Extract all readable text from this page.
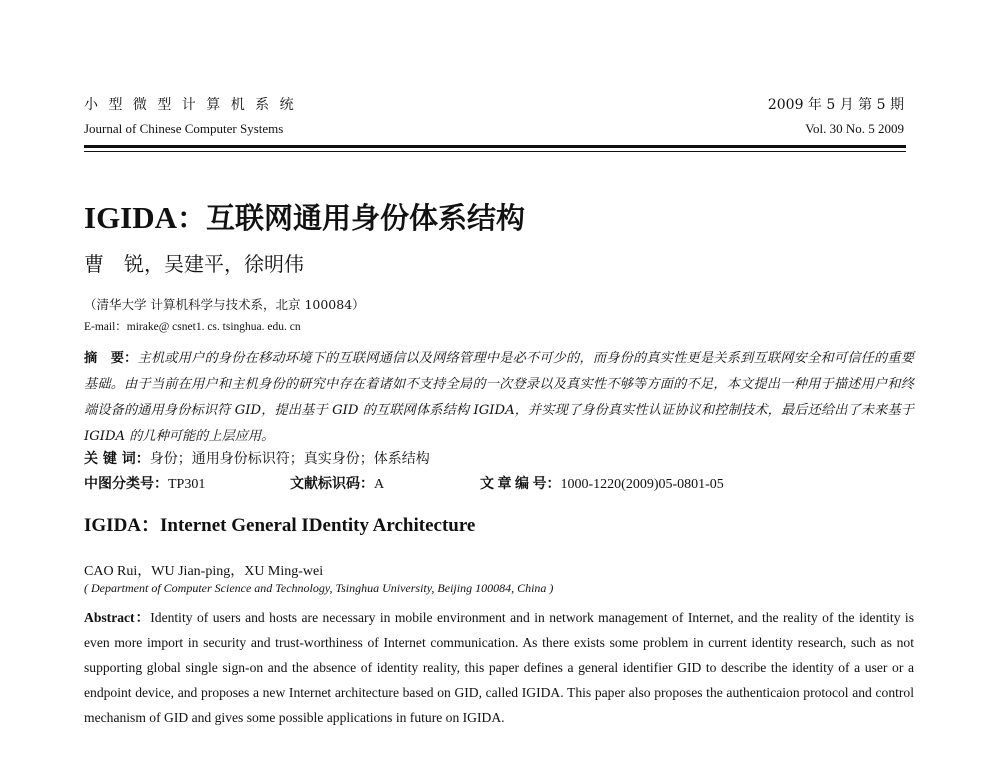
小 型 微 型 计 算 机 系 统
Journal of Chinese Computer Systems
2009 年 5 月 第 5 期
Vol. 30 No. 5 2009
IGIDA：互联网通用身份体系结构
曹　锐，吴建平，徐明伟
（清华大学 计算机科学与技术系，北京 100084）
E-mail：mirake@ csnet1. cs. tsinghua. edu. cn
摘　要：主机或用户的身份在移动环境下的互联网通信以及网络管理中是必不可少的，而身份的真实性更是关系到互联网安全和可信任的重要基础。由于当前在用户和主机身份的研究中存在着诸如不支持全局的一次登录以及真实性不够等方面的不足，本文提出一种用于描述用户和终端设备的通用身份标识符 GID，提出基于 GID 的互联网体系结构 IGIDA，并实现了身份真实性认证协议和控制技术，最后还给出了未来基于 IGIDA 的几种可能的上层应用。
关 键 词：身份；通用身份标识符；真实身份；体系结构
中图分类号：TP301	文献标识码：A	文 章 编 号：1000-1220(2009)05-0801-05
IGIDA：Internet General IDentity Architecture
CAO Rui，WU Jian-ping，XU Ming-wei
( Department of Computer Science and Technology, Tsinghua University, Beijing 100084, China )
Abstract：Identity of users and hosts are necessary in mobile environment and in network management of Internet, and the reality of the identity is even more import in security and trust-worthiness of Internet communication. As there exists some problem in current identity research, such as not supporting global single sign-on and the absence of identity reality, this paper defines a general identifier GID to describe the identity of a user or a endpoint device, and proposes a new Internet architecture based on GID, called IGIDA. This paper also proposes the authenticaion protocol and control mechanism of GID and gives some possible applications in future on IGIDA.
